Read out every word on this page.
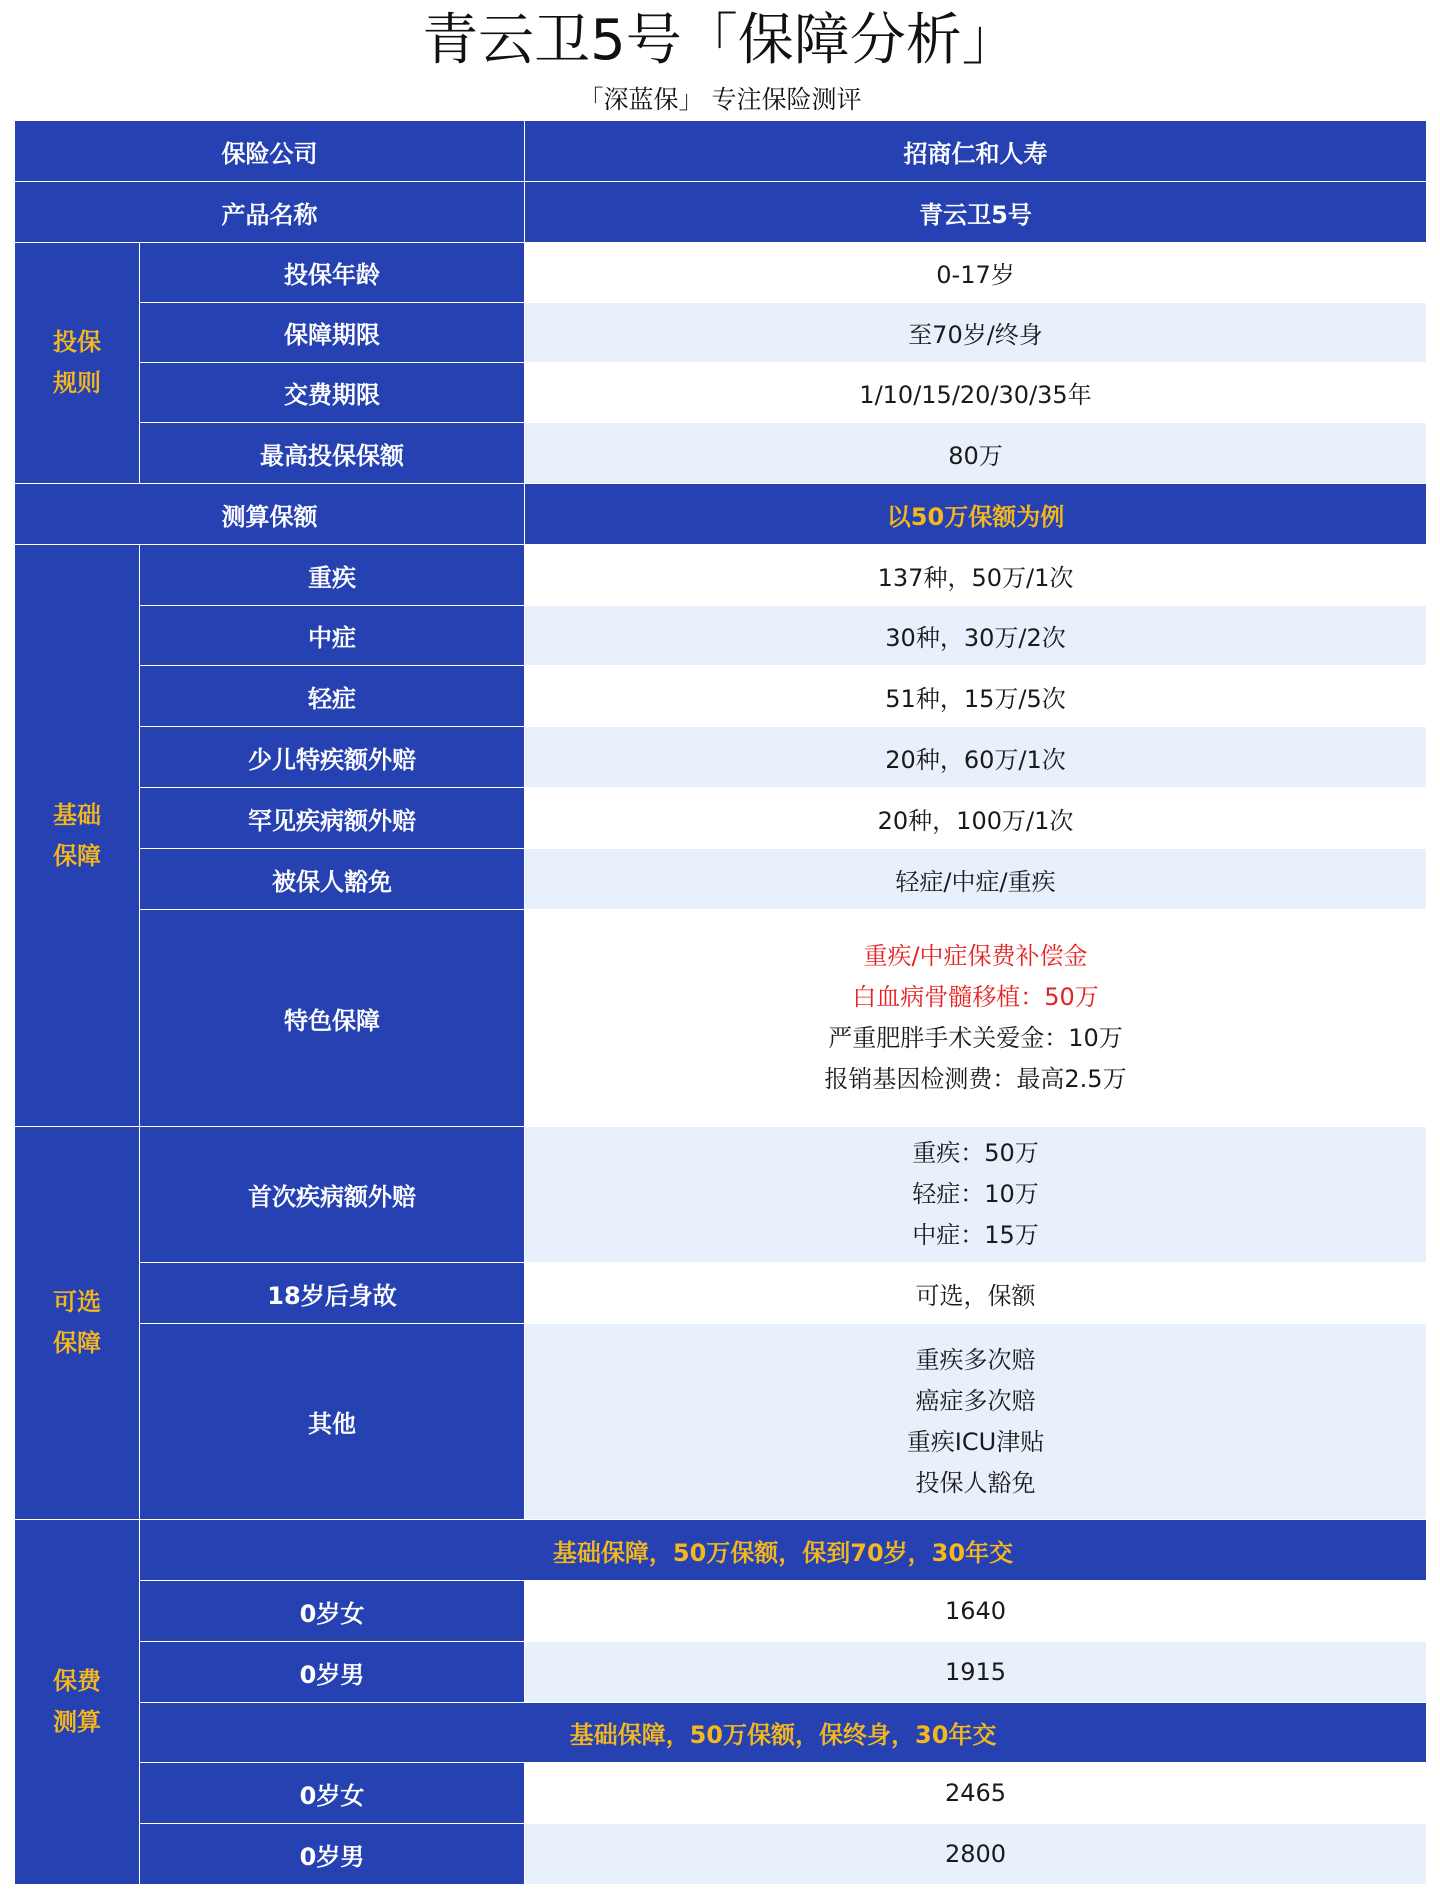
青云卫5号「保障分析」
「深蓝保」 专注保险测评
保险公司		招商仁和人寿
产品名称		青云卫5号

投保
规则	投保年龄	0-17岁
	保障期限	至70岁/终身
	交费期限	1/10/15/20/30/35年
	最高投保保额	80万
测算保额		以50万保额为例

基础
保障	重疾	137种，50万/1次
	中症	30种，30万/2次
	轻症	51种，15万/5次
	少儿特疾额外赔	20种，60万/1次
	罕见疾病额外赔	20种，100万/1次
	被保人豁免	轻症/中症/重疾
	特色保障	重疾/中症保费补偿金
白血病骨髓移植：50万
严重肥胖手术关爱金：10万
报销基因检测费：最高2.5万

可选
保障	首次疾病额外赔	重疾：50万
轻症：10万
中症：15万

	18岁后身故	可选，保额
	其他	重疾多次赔
癌症多次赔
重疾ICU津贴
投保人豁免

保费
测算	基础保障，50万保额，保到70岁，30年交	
	0岁女	1640
	0岁男	1915
	基础保障，50万保额，保终身，30年交	
	0岁女	2465
	0岁男	2800
